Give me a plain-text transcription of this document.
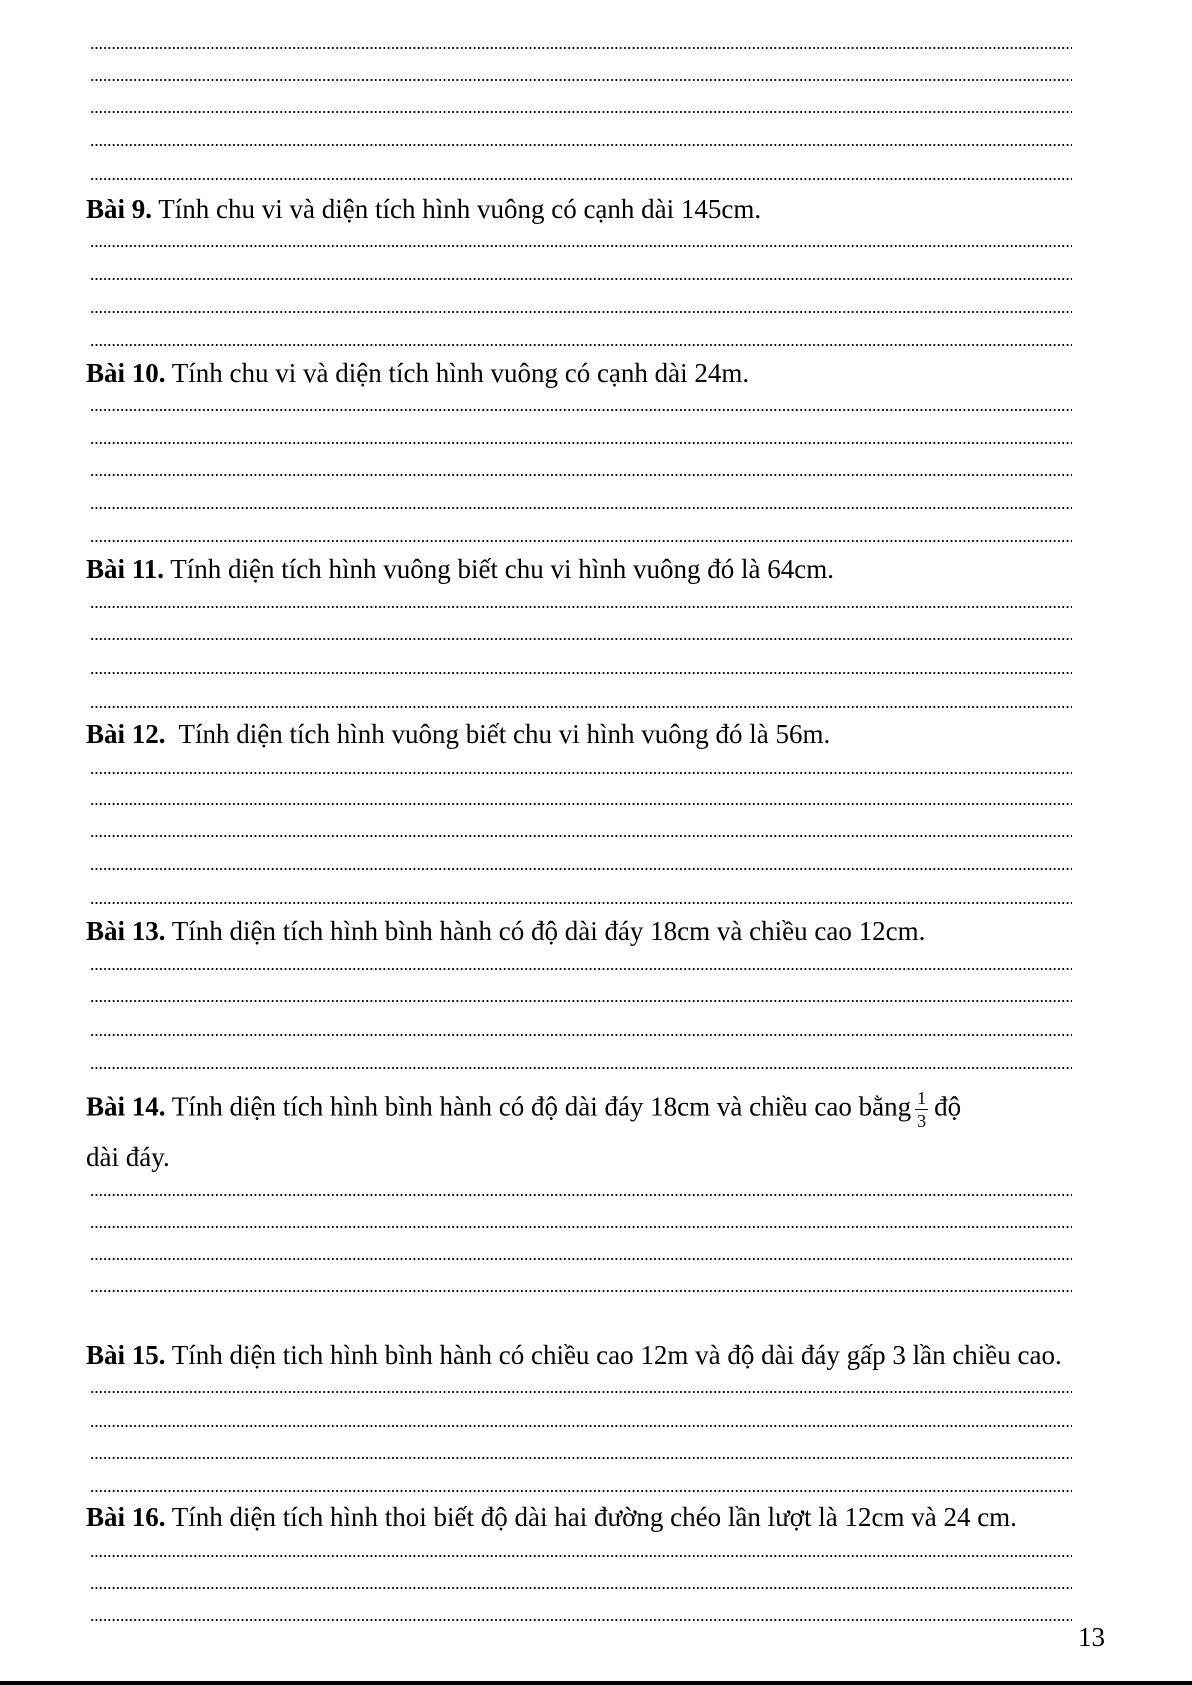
Bài 9. Tính chu vi và diện tích hình vuông có cạnh dài 145cm.
Bài 10. Tính chu vi và diện tích hình vuông có cạnh dài 24m.
Bài 11. Tính diện tích hình vuông biết chu vi hình vuông đó là 64cm.
Bài 12.  Tính diện tích hình vuông biết chu vi hình vuông đó là 56m.
Bài 13. Tính diện tích hình bình hành có độ dài đáy 18cm và chiều cao 12cm.
Bài 14. Tính diện tích hình bình hành có độ dài đáy 18cm và chiều cao bằng $\frac{1}{3}$ độ
dài đáy.
Bài 15. Tính diện tich hình bình hành có chiều cao 12m và độ dài đáy gấp 3 lần chiều cao.
Bài 16. Tính diện tích hình thoi biết độ dài hai đường chéo lần lượt là 12cm và 24 cm.
13
